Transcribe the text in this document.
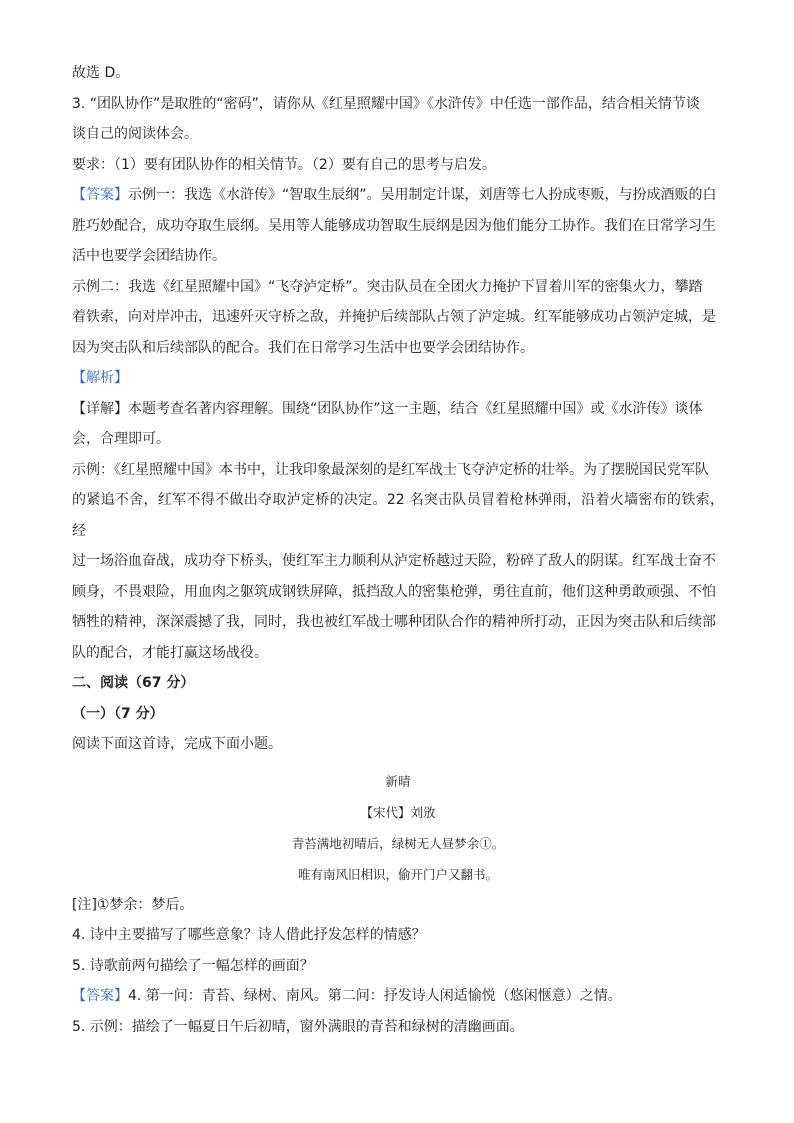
故选 D。

3. “团队协作”是取胜的“密码”，请你从《红星照耀中国》《水浒传》中任选一部作品，结合相关情节谈

谈自己的阅读体会。

要求：（1）要有团队协作的相关情节。（2）要有自己的思考与启发。

【答案】示例一：我选《水浒传》“智取生辰纲”。吴用制定计谋，刘唐等七人扮成枣贩，与扮成酒贩的白

胜巧妙配合，成功夺取生辰纲。吴用等人能够成功智取生辰纲是因为他们能分工协作。我们在日常学习生

活中也要学会团结协作。

示例二：我选《红星照耀中国》“飞夺泸定桥”。突击队员在全团火力掩护下冒着川军的密集火力，攀踏

着铁索，向对岸冲击，迅速歼灭守桥之敌，并掩护后续部队占领了泸定城。红军能够成功占领泸定城，是

因为突击队和后续部队的配合。我们在日常学习生活中也要学会团结协作。

【解析】

【详解】本题考查名著内容理解。围绕“团队协作”这一主题，结合《红星照耀中国》或《水浒传》谈体

会，合理即可。

示例：《红星照耀中国》本书中，让我印象最深刻的是红军战士飞夺泸定桥的壮举。为了摆脱国民党军队

的紧追不舍，红军不得不做出夺取泸定桥的决定。22 名突击队员冒着枪林弹雨，沿着火墙密布的铁索，经

过一场浴血奋战，成功夺下桥头，使红军主力顺利从泸定桥越过天险，粉碎了敌人的阴谋。红军战士奋不

顾身，不畏艰险，用血肉之躯筑成钢铁屏障，抵挡敌人的密集枪弹，勇往直前，他们这种勇敢顽强、不怕

牺牲的精神，深深震撼了我，同时，我也被红军战士哪种团队合作的精神所打动，正因为突击队和后续部

队的配合，才能打赢这场战役。

二、阅读（67 分）

（一）（7 分）

阅读下面这首诗，完成下面小题。

新晴

【宋代】刘攽

青苔满地初晴后，绿树无人昼梦余①。

唯有南风旧相识，偷开门户又翻书。

[注]①梦余：梦后。

4. 诗中主要描写了哪些意象？诗人借此抒发怎样的情感？

5. 诗歌前两句描绘了一幅怎样的画面？

【答案】4. 第一问：青苔、绿树、南风。第二问：抒发诗人闲适愉悦（悠闲惬意）之情。

5. 示例：描绘了一幅夏日午后初晴，窗外满眼的青苔和绿树的清幽画面。
